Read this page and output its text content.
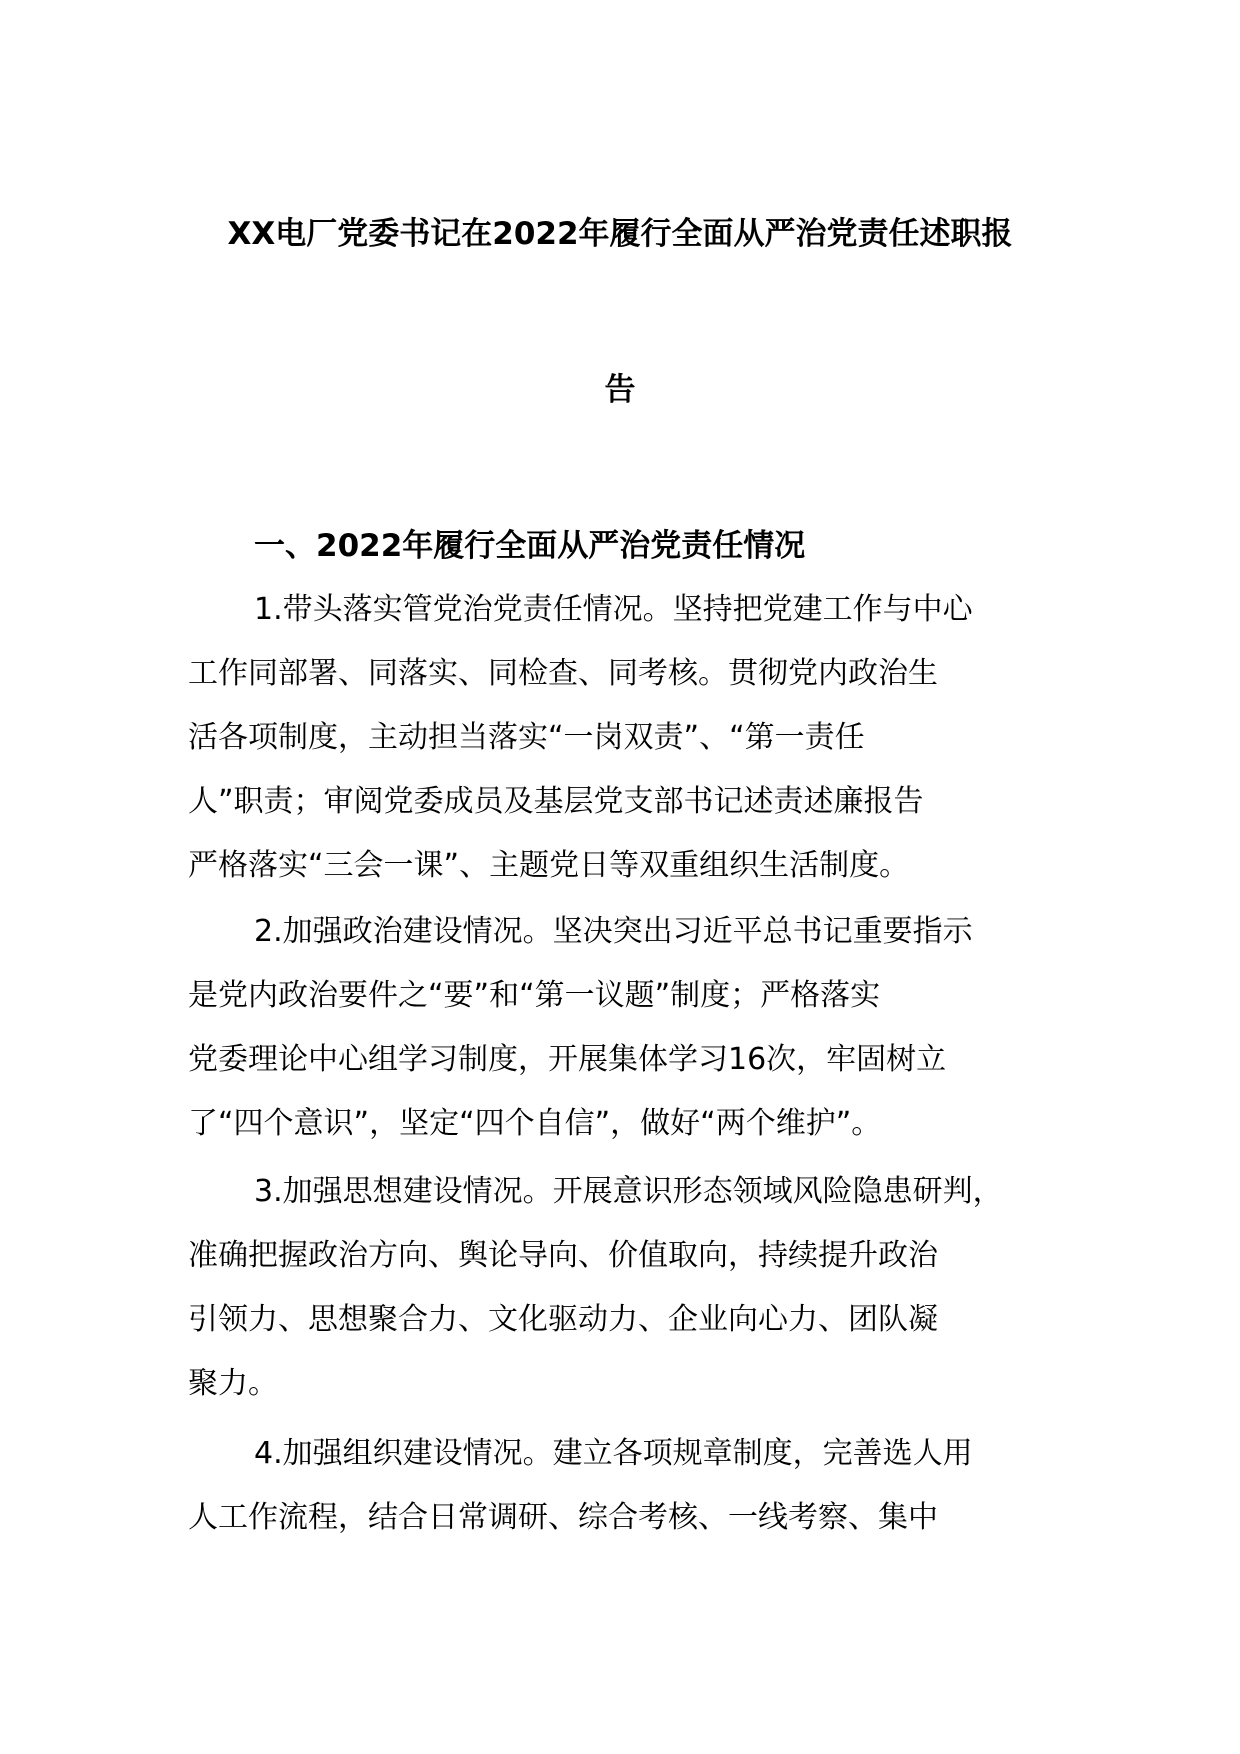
XX电厂党委书记在2022年履行全面从严治党责任述职报
告
一、2022年履行全面从严治党责任情况
1.带头落实管党治党责任情况。坚持把党建工作与中心
工作同部署、同落实、同检查、同考核。贯彻党内政治生
活各项制度，主动担当落实“一岗双责”、“第一责任
人”职责；审阅党委成员及基层党支部书记述责述廉报告
严格落实“三会一课”、主题党日等双重组织生活制度。
2.加强政治建设情况。坚决突出习近平总书记重要指示
是党内政治要件之“要”和“第一议题”制度；严格落实
党委理论中心组学习制度，开展集体学习16次，牢固树立
了“四个意识”，坚定“四个自信”，做好“两个维护”。
3.加强思想建设情况。开展意识形态领域风险隐患研判，
准确把握政治方向、舆论导向、价值取向，持续提升政治
引领力、思想聚合力、文化驱动力、企业向心力、团队凝
聚力。
4.加强组织建设情况。建立各项规章制度，完善选人用
人工作流程，结合日常调研、综合考核、一线考察、集中
